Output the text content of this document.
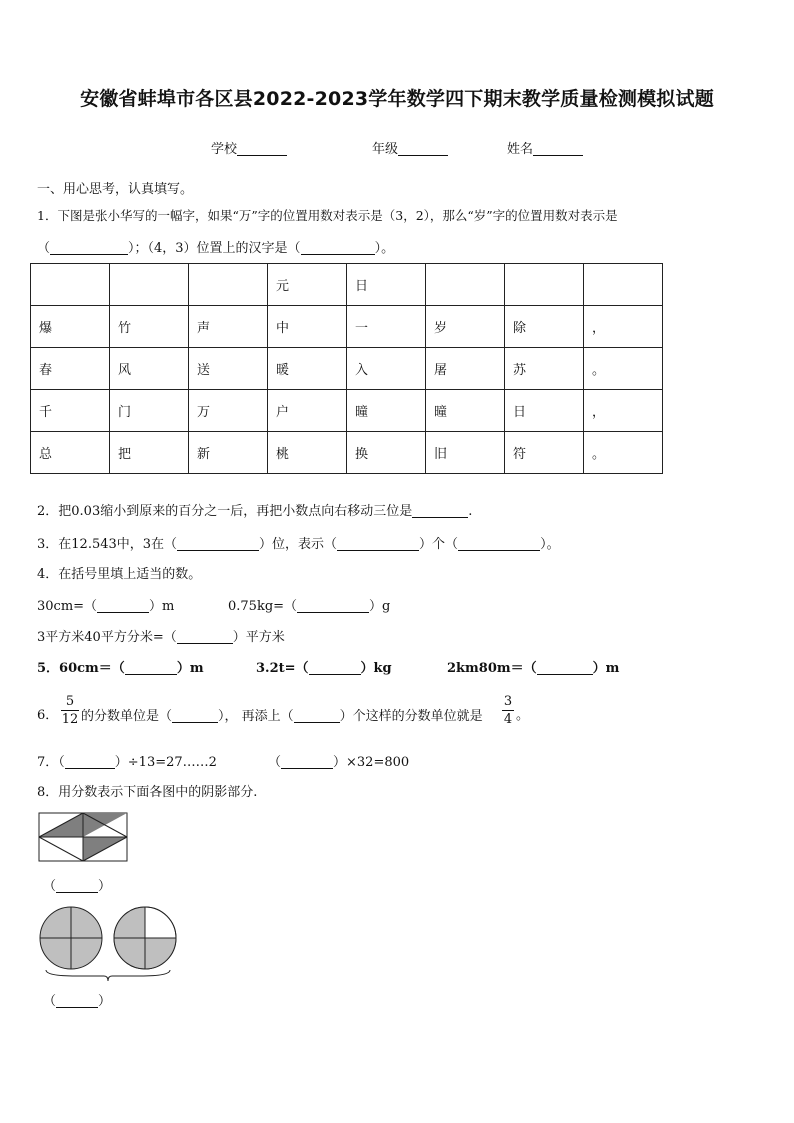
安徽省蚌埠市各区县2022-2023学年数学四下期末教学质量检测模拟试题
学校	年级	姓名
一、用心思考，认真填写。
1．下图是张小华写的一幅字，如果“万”字的位置用数对表示是（3，2），那么“岁”字的位置用数对表示是
（	）；（4，3）位置上的汉字是（	）。
			元	日			
爆	竹	声	中	一	岁	除	，
春	风	送	暖	入	屠	苏	。
千	门	万	户	曈	曈	日	，
总	把	新	桃	换	旧	符	。
2．把0.03缩小到原来的百分之一后，再把小数点向右移动三位是	.
3．在12.543中，3在（	）位，表示（	）个（	）。
4．在括号里填上适当的数。
30cm=（	）m	0.75kg=（	）g
3平方米40平方分米=（	）平方米
5．60cm＝（	）m	3.2t=（	）kg	2km80m＝（	）m
6．
5
12 的分数单位是（	）， 再添上（	）个这样的分数单位就是
3
4 。
7．（	）÷13=27……2	（	）×32=800
8．用分数表示下面各图中的阴影部分.
（	）
（	）
